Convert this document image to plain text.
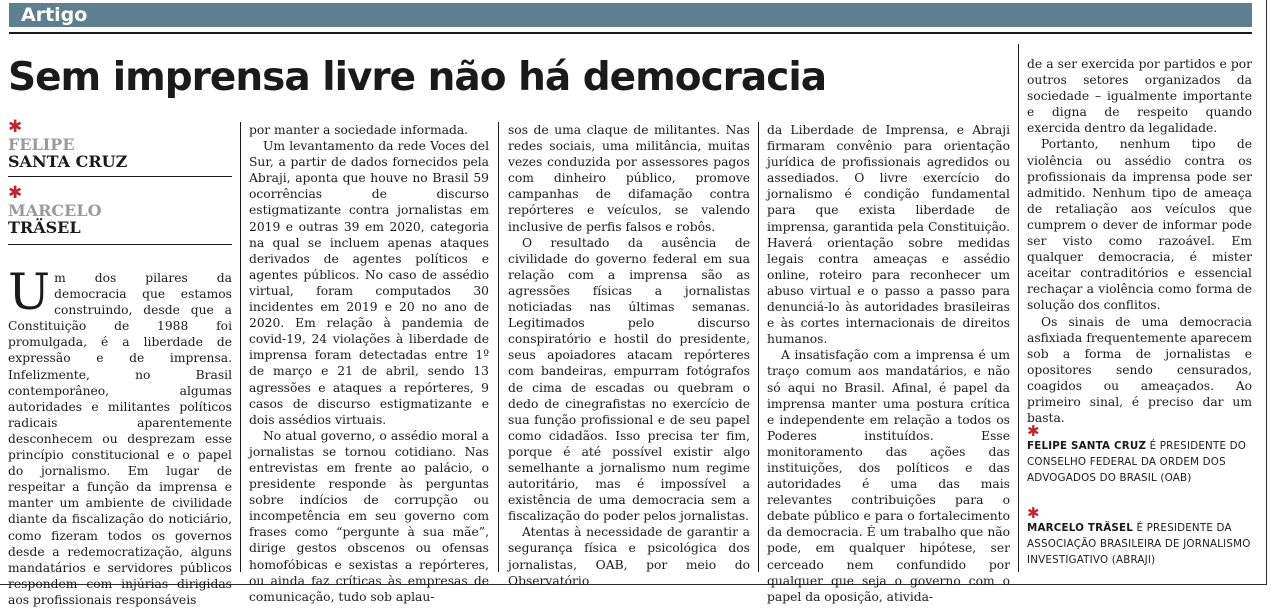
Artigo
Sem imprensa livre não há democracia
✱
FELIPE
SANTA CRUZ
✱
MARCELO
TRÄSEL

Um dos pilares da democracia que estamos construindo, desde que a Constituição de 1988 foi promulgada, é a liberdade de expressão e de imprensa. Infelizmente, no Brasil contemporâneo, algumas autoridades e militantes políticos radicais aparentemente desconhecem ou desprezam esse princípio constitucional e o papel do jornalismo. Em lugar de respeitar a função da imprensa e manter um ambiente de civilidade diante da fiscalização do noticiário, como fizeram todos os governos desde a redemocratização, alguns mandatários e servidores públicos respondem com injúrias dirigidas aos profissionais responsáveis

por manter a sociedade informada.

Um levantamento da rede Voces del Sur, a partir de dados fornecidos pela Abraji, aponta que houve no Brasil 59 ocorrências de discurso estigmatizante contra jornalistas em 2019 e outras 39 em 2020, categoria na qual se incluem apenas ataques derivados de agentes políticos e agentes públicos. No caso de assédio virtual, foram computados 30 incidentes em 2019 e 20 no ano de 2020. Em relação à pandemia de covid-19, 24 violações à liberdade de imprensa foram detectadas entre 1º de março e 21 de abril, sendo 13 agressões e ataques a repórteres, 9 casos de discurso estigmatizante e dois assédios virtuais.

No atual governo, o assédio moral a jornalistas se tornou cotidiano. Nas entrevistas em frente ao palácio, o presidente responde às perguntas sobre indícios de corrupção ou incompetência em seu governo com frases como “pergunte à sua mãe”, dirige gestos obscenos ou ofensas homofóbicas e sexistas a repórteres, ou ainda faz críticas às empresas de comunicação, tudo sob aplau-

sos de uma claque de militantes. Nas redes sociais, uma militância, muitas vezes conduzida por assessores pagos com dinheiro público, promove campanhas de difamação contra repórteres e veículos, se valendo inclusive de perfis falsos e robôs.

O resultado da ausência de civilidade do governo federal em sua relação com a imprensa são as agressões físicas a jornalistas noticiadas nas últimas semanas. Legitimados pelo discurso conspiratório e hostil do presidente, seus apoiadores atacam repórteres com bandeiras, empurram fotógrafos de cima de escadas ou quebram o dedo de cinegrafistas no exercício de sua função profissional e de seu papel como cidadãos. Isso precisa ter fim, porque é até possível existir algo semelhante a jornalismo num regime autoritário, mas é impossível a existência de uma democracia sem a fiscalização do poder pelos jornalistas.

Atentas à necessidade de garantir a segurança física e psicológica dos jornalistas, OAB, por meio do Observatório

da Liberdade de Imprensa, e Abraji firmaram convênio para orientação jurídica de profissionais agredidos ou assediados. O livre exercício do jornalismo é condição fundamental para que exista liberdade de imprensa, garantida pela Constituição. Haverá orientação sobre medidas legais contra ameaças e assédio online, roteiro para reconhecer um abuso virtual e o passo a passo para denunciá-lo às autoridades brasileiras e às cortes internacionais de direitos humanos.

A insatisfação com a imprensa é um traço comum aos mandatários, e não só aqui no Brasil. Afinal, é papel da imprensa manter uma postura crítica e independente em relação a todos os Poderes instituídos. Esse monitoramento das ações das instituições, dos políticos e das autoridades é uma das mais relevantes contribuições para o debate público e para o fortalecimento da democracia. É um trabalho que não pode, em qualquer hipótese, ser cerceado nem confundido por qualquer que seja o governo com o papel da oposição, ativida-

de a ser exercida por partidos e por outros setores organizados da sociedade – igualmente importante e digna de respeito quando exercida dentro da legalidade.

Portanto, nenhum tipo de violência ou assédio contra os profissionais da imprensa pode ser admitido. Nenhum tipo de ameaça de retaliação aos veículos que cumprem o dever de informar pode ser visto como razoável. Em qualquer democracia, é mister aceitar contraditórios e essencial rechaçar a violência como forma de solução dos conflitos.

Os sinais de uma democracia asfixiada frequentemente aparecem sob a forma de jornalistas e opositores sendo censurados, coagidos ou ameaçados. Ao primeiro sinal, é preciso dar um basta.

✱
FELIPE SANTA CRUZ É PRESIDENTE DO CONSELHO FEDERAL DA ORDEM DOS ADVOGADOS DO BRASIL (OAB)
✱
MARCELO TRÄSEL É PRESIDENTE DA ASSOCIAÇÃO BRASILEIRA DE JORNALISMO INVESTIGATIVO (ABRAJI)
